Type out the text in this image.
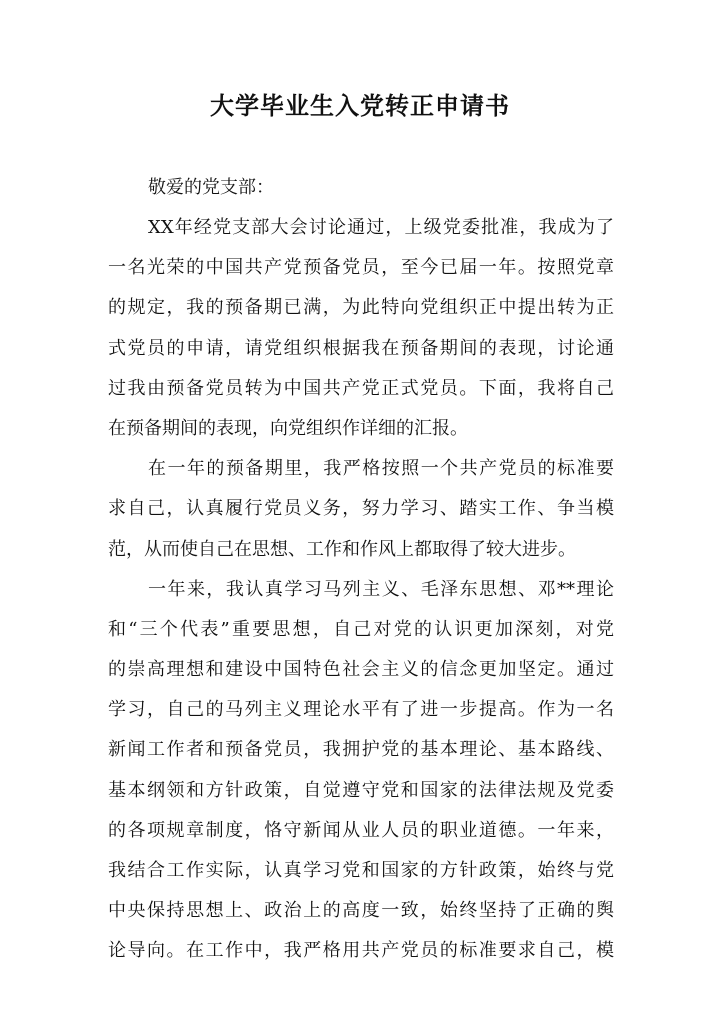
大学毕业生入党转正申请书

敬爱的党支部：

XX年经党支部大会讨论通过，上级党委批准，我成为了
一名光荣的中国共产党预备党员，至今已届一年。按照党章
的规定，我的预备期已满，为此特向党组织正中提出转为正
式党员的申请，请党组织根据我在预备期间的表现，讨论通
过我由预备党员转为中国共产党正式党员。下面，我将自己
在预备期间的表现，向党组织作详细的汇报。
在一年的预备期里，我严格按照一个共产党员的标准要
求自己，认真履行党员义务，努力学习、踏实工作、争当模
范，从而使自己在思想、工作和作风上都取得了较大进步。
一年来，我认真学习马列主义、毛泽东思想、邓**理论
和“三个代表”重要思想，自己对党的认识更加深刻，对党
的崇高理想和建设中国特色社会主义的信念更加坚定。通过
学习，自己的马列主义理论水平有了进一步提高。作为一名
新闻工作者和预备党员，我拥护党的基本理论、基本路线、
基本纲领和方针政策，自觉遵守党和国家的法律法规及党委
的各项规章制度，恪守新闻从业人员的职业道德。一年来，
我结合工作实际，认真学习党和国家的方针政策，始终与党
中央保持思想上、政治上的高度一致，始终坚持了正确的舆
论导向。在工作中，我严格用共产党员的标准要求自己，模
